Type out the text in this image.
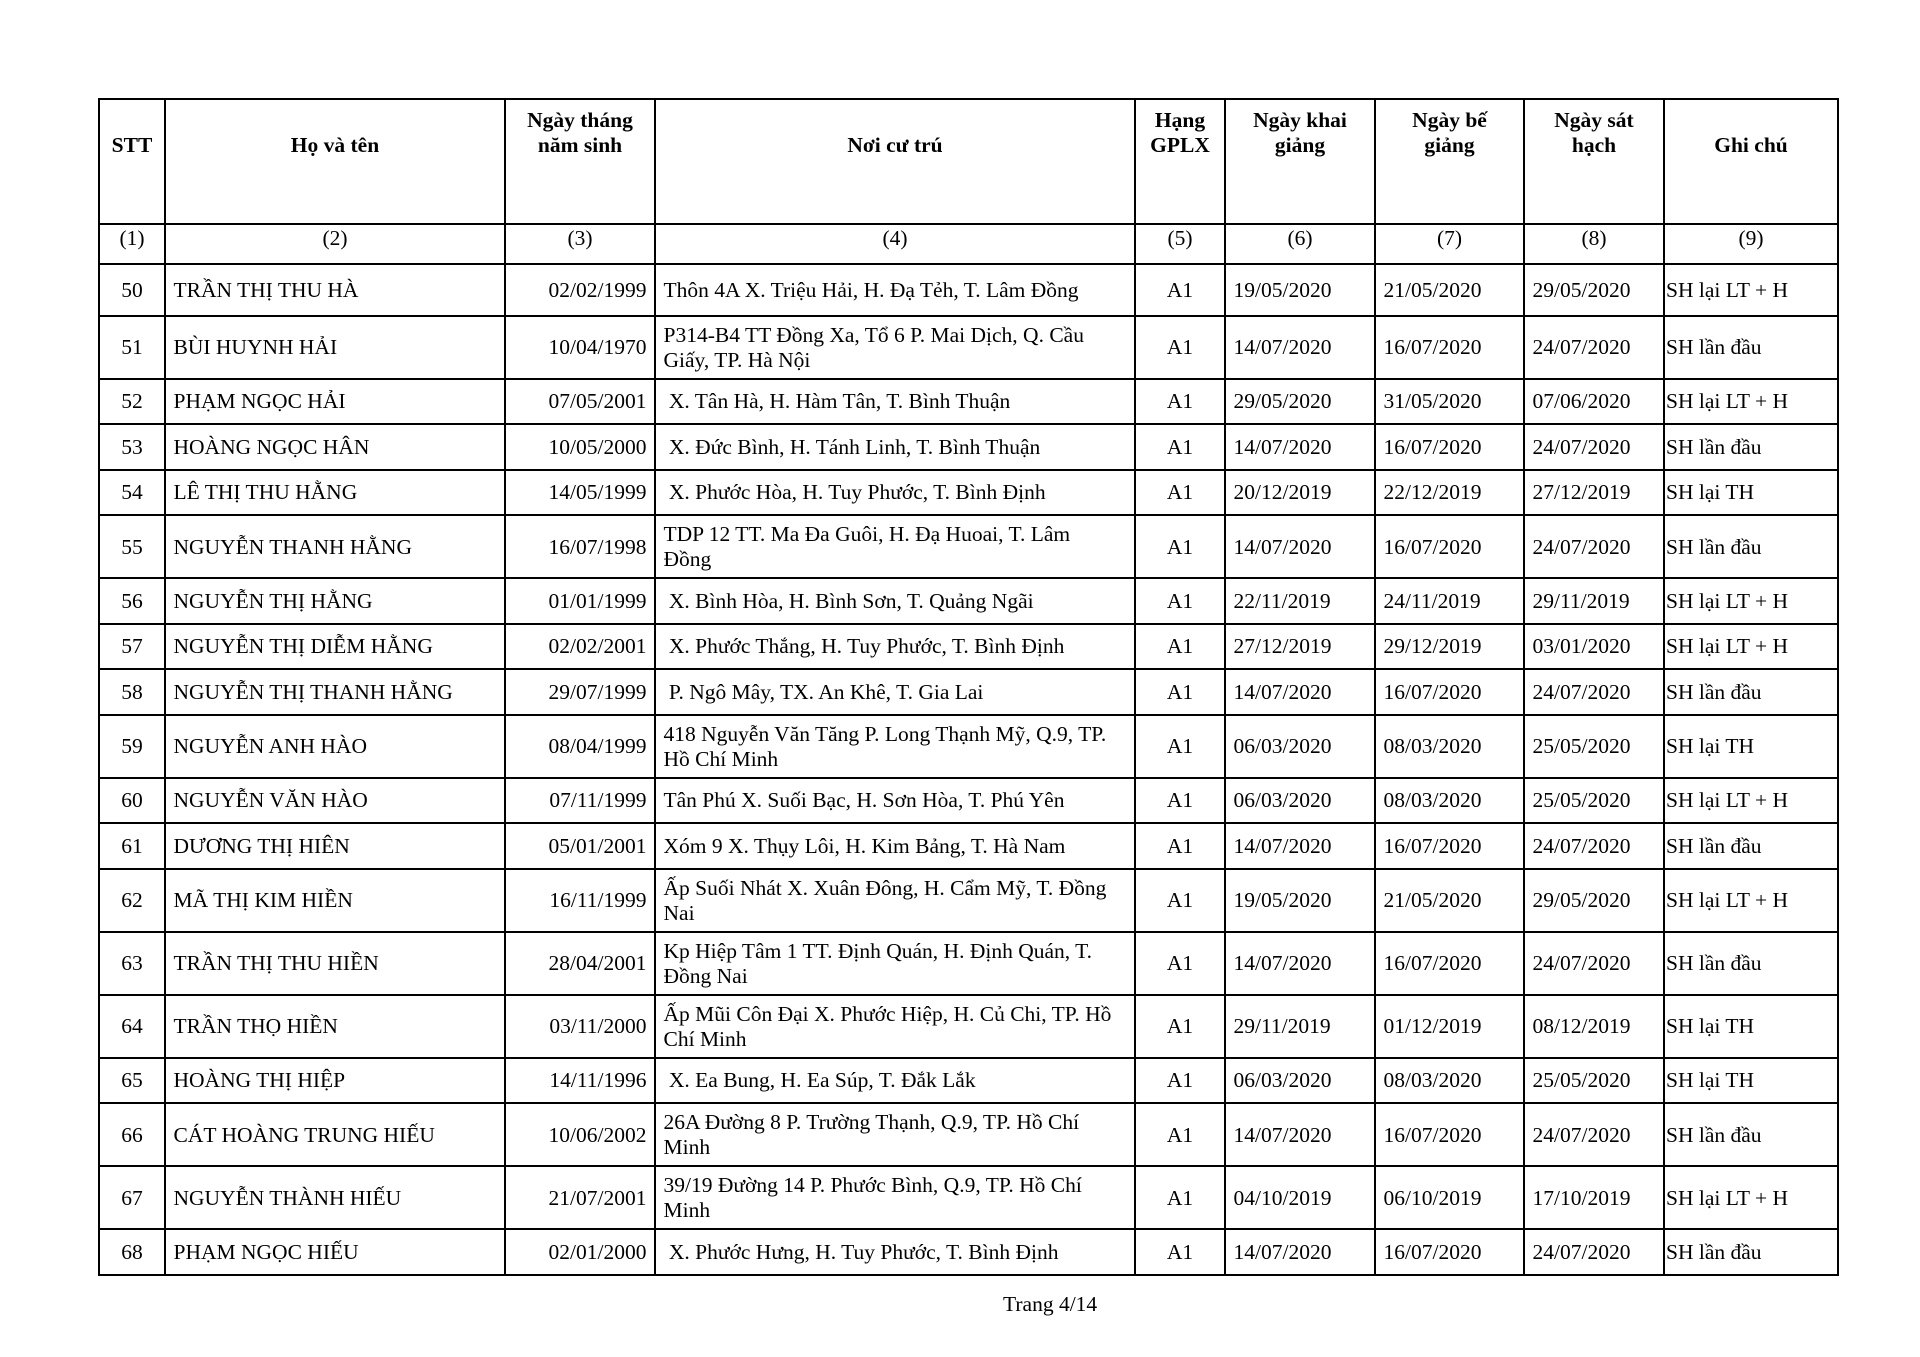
STT	Họ và tên	Ngày tháng năm sinh	Nơi cư trú	Hạng GPLX	Ngày khai giảng	Ngày bế giảng	Ngày sát hạch	Ghi chú

(1)	(2)	(3)	(4)	(5)	(6)	(7)	(8)	(9)
50	TRẦN THỊ THU HÀ	02/02/1999	Thôn 4A X. Triệu Hải, H. Đạ Tẻh, T. Lâm Đồng	A1	19/05/2020	21/05/2020	29/05/2020	SH lại LT + H
51	BÙI HUYNH HẢI	10/04/1970	P314-B4 TT Đồng Xa, Tổ 6 P. Mai Dịch, Q. Cầu Giấy, TP. Hà Nội	A1	14/07/2020	16/07/2020	24/07/2020	SH lần đầu
52	PHẠM NGỌC HẢI	07/05/2001	X. Tân Hà, H. Hàm Tân, T. Bình Thuận	A1	29/05/2020	31/05/2020	07/06/2020	SH lại LT + H
53	HOÀNG NGỌC HÂN	10/05/2000	X. Đức Bình, H. Tánh Linh, T. Bình Thuận	A1	14/07/2020	16/07/2020	24/07/2020	SH lần đầu
54	LÊ THỊ THU HẰNG	14/05/1999	X. Phước Hòa, H. Tuy Phước, T. Bình Định	A1	20/12/2019	22/12/2019	27/12/2019	SH lại TH
55	NGUYỄN THANH HẰNG	16/07/1998	TDP 12 TT. Ma Đa Guôi, H. Đạ Huoai, T. Lâm Đồng	A1	14/07/2020	16/07/2020	24/07/2020	SH lần đầu
56	NGUYỄN THỊ HẰNG	01/01/1999	X. Bình Hòa, H. Bình Sơn, T. Quảng Ngãi	A1	22/11/2019	24/11/2019	29/11/2019	SH lại LT + H
57	NGUYỄN THỊ DIỄM HẰNG	02/02/2001	X. Phước Thắng, H. Tuy Phước, T. Bình Định	A1	27/12/2019	29/12/2019	03/01/2020	SH lại LT + H
58	NGUYỄN THỊ THANH HẰNG	29/07/1999	P. Ngô Mây, TX. An Khê, T. Gia Lai	A1	14/07/2020	16/07/2020	24/07/2020	SH lần đầu
59	NGUYỄN ANH HÀO	08/04/1999	418 Nguyễn Văn Tăng P. Long Thạnh Mỹ, Q.9, TP. Hồ Chí Minh	A1	06/03/2020	08/03/2020	25/05/2020	SH lại TH
60	NGUYỄN VĂN HÀO	07/11/1999	Tân Phú X. Suối Bạc, H. Sơn Hòa, T. Phú Yên	A1	06/03/2020	08/03/2020	25/05/2020	SH lại LT + H
61	DƯƠNG THỊ HIÊN	05/01/2001	Xóm 9 X. Thụy Lôi, H. Kim Bảng, T. Hà Nam	A1	14/07/2020	16/07/2020	24/07/2020	SH lần đầu
62	MÃ THỊ KIM HIỀN	16/11/1999	Ấp Suối Nhát X. Xuân Đông, H. Cẩm Mỹ, T. Đồng Nai	A1	19/05/2020	21/05/2020	29/05/2020	SH lại LT + H
63	TRẦN THỊ THU HIỀN	28/04/2001	Kp Hiệp Tâm 1 TT. Định Quán, H. Định Quán, T. Đồng Nai	A1	14/07/2020	16/07/2020	24/07/2020	SH lần đầu
64	TRẦN THỌ HIỀN	03/11/2000	Ấp Mũi Côn Đại X. Phước Hiệp, H. Củ Chi, TP. Hồ Chí Minh	A1	29/11/2019	01/12/2019	08/12/2019	SH lại TH
65	HOÀNG THỊ HIỆP	14/11/1996	X. Ea Bung, H. Ea Súp, T. Đắk Lắk	A1	06/03/2020	08/03/2020	25/05/2020	SH lại TH
66	CÁT HOÀNG TRUNG HIẾU	10/06/2002	26A Đường 8 P. Trường Thạnh, Q.9, TP. Hồ Chí Minh	A1	14/07/2020	16/07/2020	24/07/2020	SH lần đầu
67	NGUYỄN THÀNH HIẾU	21/07/2001	39/19 Đường 14 P. Phước Bình, Q.9, TP. Hồ Chí Minh	A1	04/10/2019	06/10/2019	17/10/2019	SH lại LT + H
68	PHẠM NGỌC HIẾU	02/01/2000	X. Phước Hưng, H. Tuy Phước, T. Bình Định	A1	14/07/2020	16/07/2020	24/07/2020	SH lần đầu
Trang 4/14
